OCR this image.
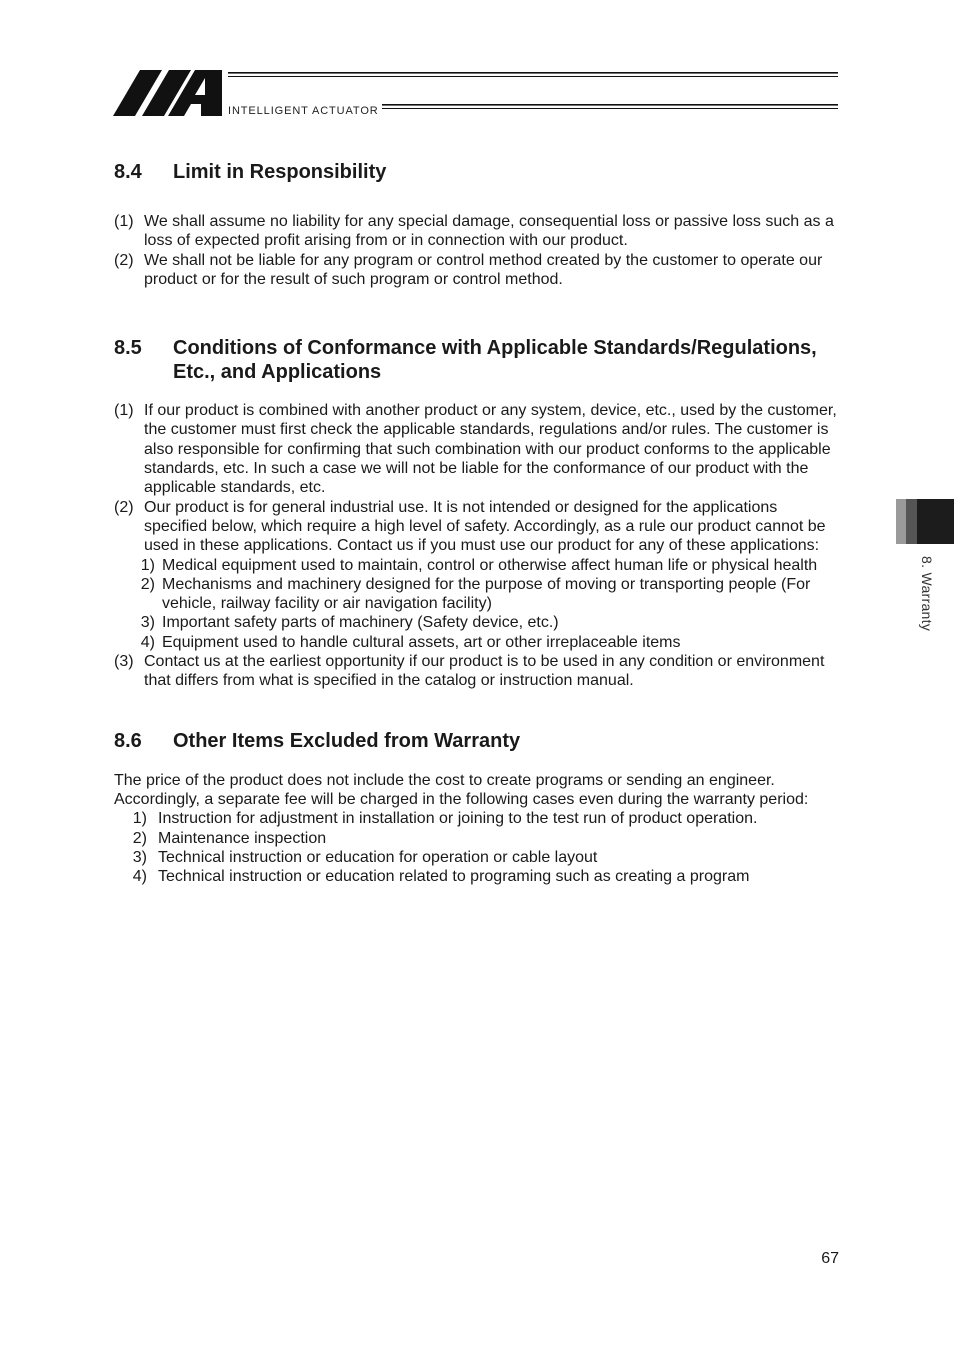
INTELLIGENT ACTUATOR
8.4	Limit in Responsibility
(1) We shall assume no liability for any special damage, consequential loss or passive loss such as a loss of expected profit arising from or in connection with our product.
(2) We shall not be liable for any program or control method created by the customer to operate our product or for the result of such program or control method.
8.5	Conditions of Conformance with Applicable Standards/Regulations, Etc., and Applications
(1) If our product is combined with another product or any system, device, etc., used by the customer, the customer must first check the applicable standards, regulations and/or rules. The customer is also responsible for confirming that such combination with our product conforms to the applicable standards, etc. In such a case we will not be liable for the conformance of our product with the applicable standards, etc.
(2) Our product is for general industrial use. It is not intended or designed for the applications specified below, which require a high level of safety. Accordingly, as a rule our product cannot be used in these applications. Contact us if you must use our product for any of these applications:
1) Medical equipment used to maintain, control or otherwise affect human life or physical health
2) Mechanisms and machinery designed for the purpose of moving or transporting people (For vehicle, railway facility or air navigation facility)
3) Important safety parts of machinery (Safety device, etc.)
4) Equipment used to handle cultural assets, art or other irreplaceable items
(3) Contact us at the earliest opportunity if our product is to be used in any condition or environment that differs from what is specified in the catalog or instruction manual.
8.6	Other Items Excluded from Warranty

The price of the product does not include the cost to create programs or sending an engineer. Accordingly, a separate fee will be charged in the following cases even during the warranty period:

1) Instruction for adjustment in installation or joining to the test run of product operation.
2) Maintenance inspection
3) Technical instruction or education for operation or cable layout
4) Technical instruction or education related to programing such as creating a program
8. Warranty
67
